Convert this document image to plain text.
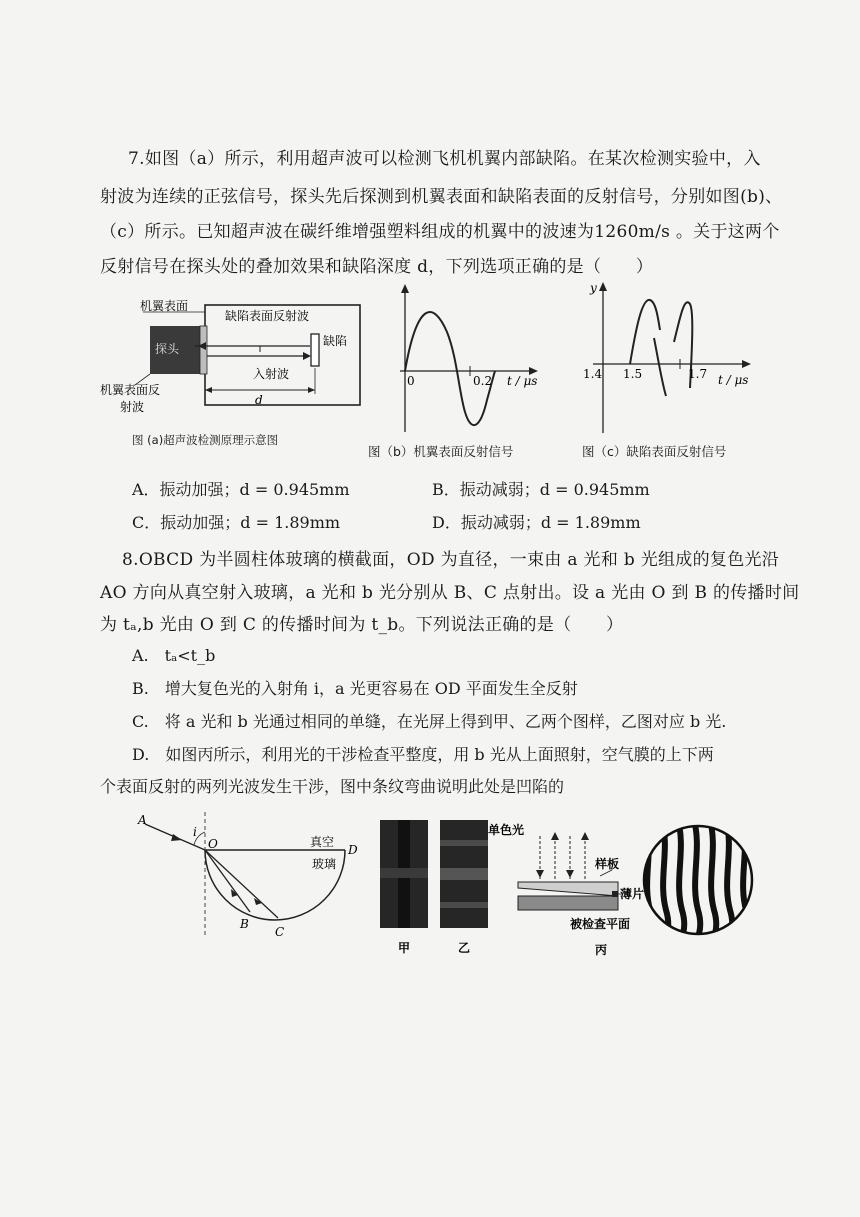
7.如图（a）所示，利用超声波可以检测飞机机翼内部缺陷。在某次检测实验中，入
射波为连续的正弦信号，探头先后探测到机翼表面和缺陷表面的反射信号，分别如图(b)、
（c）所示。已知超声波在碳纤维增强塑料组成的机翼中的波速为1260m/s 。关于这两个
反射信号在探头处的叠加效果和缺陷深度 d，下列选项正确的是（　　）
机翼表面
缺陷表面反射波
探头
缺陷
入射波
d
机翼表面反
射波
图 (a)超声波检测原理示意图
0	0.2 t / μs
图（b）机翼表面反射信号
y
1.4 1.5	1.7 t / μs
图（c）缺陷表面反射信号
A．振动加强；d = 0.945mm	B．振动减弱；d = 0.945mm
C．振动加强；d = 1.89mm	D．振动减弱；d = 1.89mm
8.OBCD 为半圆柱体玻璃的横截面，OD 为直径，一束由 a 光和 b 光组成的复色光沿
AO 方向从真空射入玻璃，a 光和 b 光分别从 B、C 点射出。设 a 光由 O 到 B 的传播时间
为 tₐ,b 光由 O 到 C 的传播时间为 t_b。下列说法正确的是（　　）
A.　tₐ<t_b
B.　增大复色光的入射角 i，a 光更容易在 OD 平面发生全反射
C.　将 a 光和 b 光通过相同的单缝，在光屏上得到甲、乙两个图样，乙图对应 b 光.
D.　如图丙所示，利用光的干涉检查平整度，用 b 光从上面照射，空气膜的上下两
个表面反射的两列光波发生干涉，图中条纹弯曲说明此处是凹陷的
A
i
O	D
B
C
真空
玻璃
甲	乙
单色光
样板
薄片
被检查平面
丙
